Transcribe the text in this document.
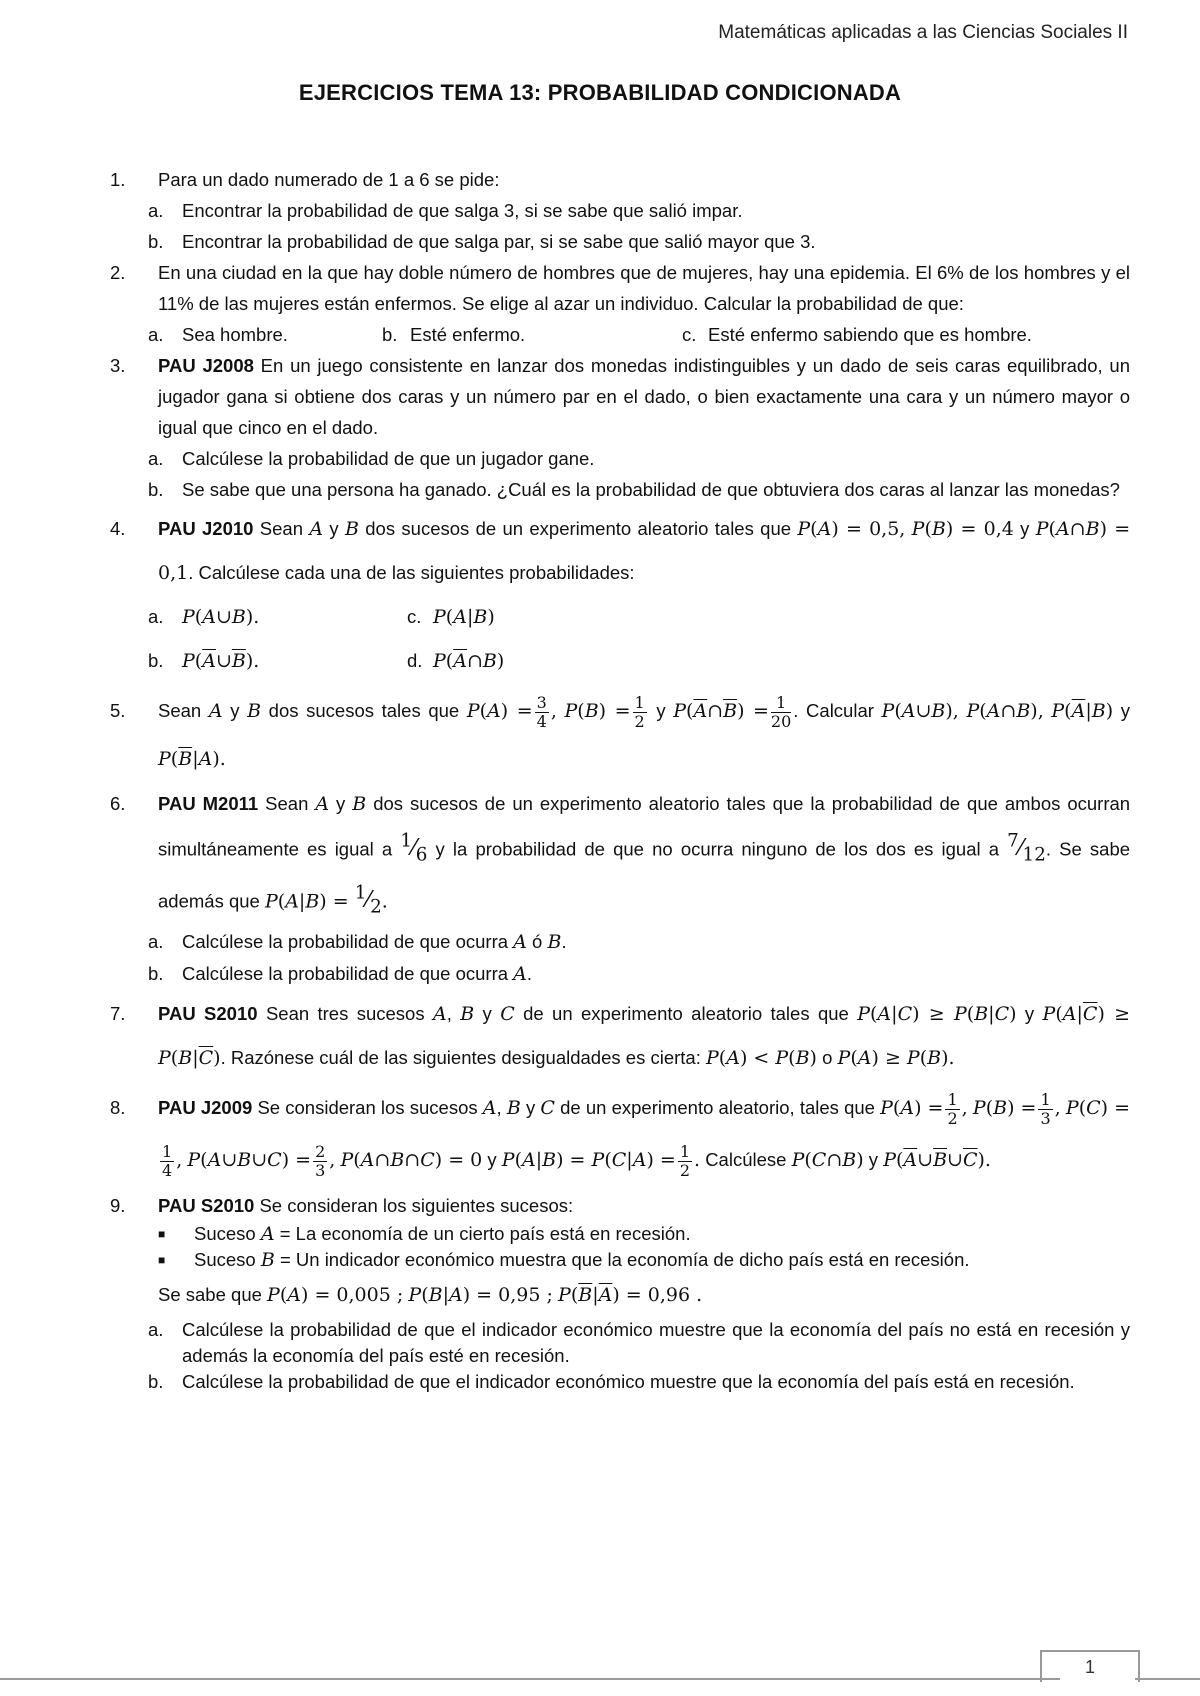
Matemáticas aplicadas a las Ciencias Sociales II
EJERCICIOS TEMA 13: PROBABILIDAD CONDICIONADA
1.	Para un dado numerado de 1 a 6 se pide:
a. Encontrar la probabilidad de que salga 3, si se sabe que salió impar.
b. Encontrar la probabilidad de que salga par, si se sabe que salió mayor que 3.
2.	En una ciudad en la que hay doble número de hombres que de mujeres, hay una epidemia. El 6% de los hombres y el 11% de las mujeres están enfermos. Se elige al azar un individuo. Calcular la probabilidad de que:
a. Sea hombre.	b. Esté enfermo.	c. Esté enfermo sabiendo que es hombre.
3.	PAU J2008 En un juego consistente en lanzar dos monedas indistinguibles y un dado de seis caras equilibrado, un jugador gana si obtiene dos caras y un número par en el dado, o bien exactamente una cara y un número mayor o igual que cinco en el dado.
a. Calcúlese la probabilidad de que un jugador gane.
b. Se sabe que una persona ha ganado. ¿Cuál es la probabilidad de que obtuviera dos caras al lanzar las monedas?
4.	PAU J2010 Sean A y B dos sucesos de un experimento aleatorio tales que P(A) = 0,5, P(B) = 0,4 y P(A∩B) = 0,1. Calcúlese cada una de las siguientes probabilidades:
a. P(A∪B).	c. P(A|B)
b. $P(\overline{A}\cup\overline{B})$.	d. $P(\overline{A}\cap B)$
5.	Sean A y B dos sucesos tales que $P(A) = \frac{3}{4}$ , $P(B) = \frac{1}{2}$ y $P(\overline{A}\cap\overline{B}) = \frac{1}{20}$ . Calcular P(A∪B), P(A∩B), $P(\overline{A}|B)$ y $P(\overline{B}|A)$.
6.	PAU M2011 Sean A y B dos sucesos de un experimento aleatorio tales que la probabilidad de que ambos ocurran simultáneamente es igual a $^1⁄_6$ y la probabilidad de que no ocurra ninguno de los dos es igual a $^7⁄_{12}$. Se sabe además que $P(A|B) = ^1⁄_2$.
a. Calcúlese la probabilidad de que ocurra A ó B.
b. Calcúlese la probabilidad de que ocurra A.
7.	PAU S2010 Sean tres sucesos A, B y C de un experimento aleatorio tales que P(A|C) ≥ P(B|C) y $P(A|\overline{C}) \ge P(B|\overline{C})$. Razónese cuál de las siguientes desigualdades es cierta: P(A) < P(B) o P(A) ≥ P(B).
8.	PAU J2009 Se consideran los sucesos A, B y C de un experimento aleatorio, tales que $P(A) = \frac{1}{2}$ , $P(B) = \frac{1}{3}$ , P(C) =
$\frac{1}{4}$ , P(A∪B∪C) = $\frac{2}{3}$ , P(A∩B∩C) = 0 y $P(A|B) = P(C|A) = \frac{1}{2}$ . Calcúlese P(C∩B) y $P(\overline{A}\cup\overline{B}\cup\overline{C})$.
9.	PAU S2010 Se consideran los siguientes sucesos:
■ Suceso A = La economía de un cierto país está en recesión.
■ Suceso B = Un indicador económico muestra que la economía de dicho país está en recesión.
Se sabe que P(A) = 0,005 ; P(B|A) = 0,95 ; $P(\overline{B}|\overline{A}) = 0,96$ .
a. Calcúlese la probabilidad de que el indicador económico muestre que la economía del país no está en recesión y además la economía del país esté en recesión.
b. Calcúlese la probabilidad de que el indicador económico muestre que la economía del país está en recesión.
1
